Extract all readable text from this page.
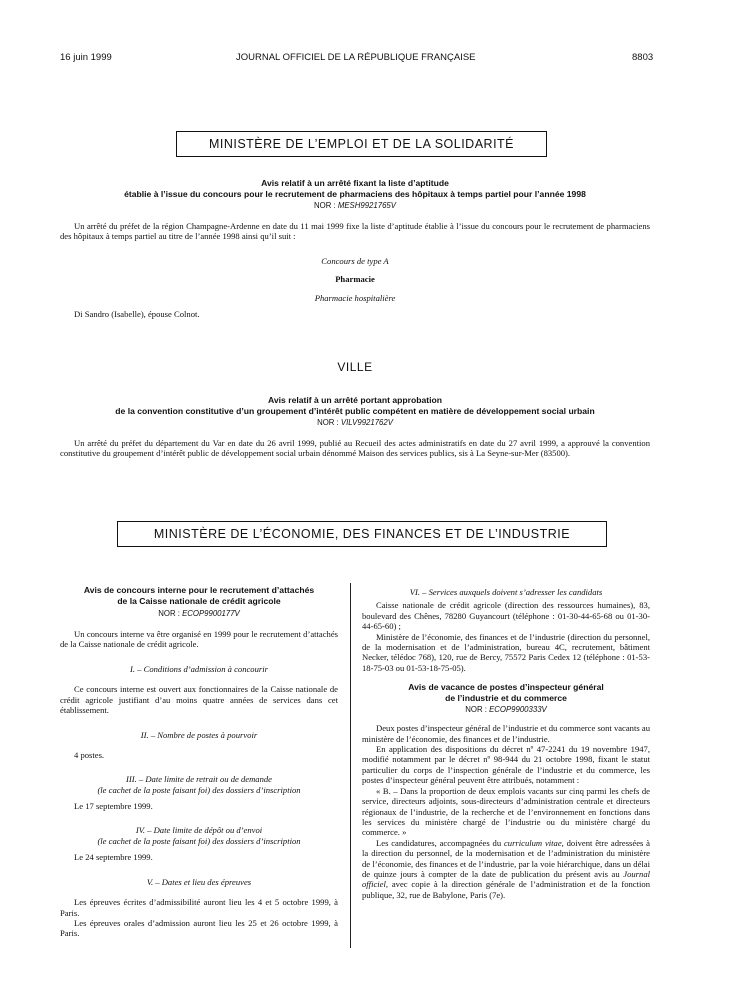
16 juin 1999	JOURNAL OFFICIEL DE LA RÉPUBLIQUE FRANÇAISE	8803
MINISTÈRE DE L’EMPLOI ET DE LA SOLIDARITÉ
Avis relatif à un arrêté fixant la liste d’aptitude
établie à l’issue du concours pour le recrutement de pharmaciens des hôpitaux à temps partiel pour l’année 1998
NOR : MESH9921765V
Un arrêté du préfet de la région Champagne-Ardenne en date du 11 mai 1999 fixe la liste d’aptitude établie à l’issue du concours pour le recrutement de pharmaciens des hôpitaux à temps partiel au titre de l’année 1998 ainsi qu’il suit :
Concours de type A
Pharmacie
Pharmacie hospitalière
Di Sandro (Isabelle), épouse Colnot.
VILLE
Avis relatif à un arrêté portant approbation
de la convention constitutive d’un groupement d’intérêt public compétent en matière de développement social urbain
NOR : VILV9921762V
Un arrêté du préfet du département du Var en date du 26 avril 1999, publié au Recueil des actes administratifs en date du 27 avril 1999, a approuvé la convention constitutive du groupement d’intérêt public de développement social urbain dénommé Maison des services publics, sis à La Seyne-sur-Mer (83500).
MINISTÈRE DE L’ÉCONOMIE, DES FINANCES ET DE L’INDUSTRIE
Avis de concours interne pour le recrutement d’attachés
de la Caisse nationale de crédit agricole
NOR : ECOP9900177V
Un concours interne va être organisé en 1999 pour le recrutement d’attachés de la Caisse nationale de crédit agricole.
I. – Conditions d’admission à concourir
Ce concours interne est ouvert aux fonctionnaires de la Caisse nationale de crédit agricole justifiant d’au moins quatre années de services dans cet établissement.
II. – Nombre de postes à pourvoir
4 postes.
III. – Date limite de retrait ou de demande
(le cachet de la poste faisant foi) des dossiers d’inscription
Le 17 septembre 1999.
IV. – Date limite de dépôt ou d’envoi
(le cachet de la poste faisant foi) des dossiers d’inscription
Le 24 septembre 1999.
V. – Dates et lieu des épreuves
Les épreuves écrites d’admissibilité auront lieu les 4 et 5 octobre 1999, à Paris.
Les épreuves orales d’admission auront lieu les 25 et 26 octobre 1999, à Paris.
VI. – Services auxquels doivent s’adresser les candidats
Caisse nationale de crédit agricole (direction des ressources humaines), 83, boulevard des Chênes, 78280 Guyancourt (téléphone : 01-30-44-65-68 ou 01-30-44-65-60) ;
Ministère de l’économie, des finances et de l’industrie (direction du personnel, de la modernisation et de l’administration, bureau 4C, recrutement, bâtiment Necker, télédoc 768), 120, rue de Bercy, 75572 Paris Cedex 12 (téléphone : 01-53-18-75-03 ou 01-53-18-75-05).
Avis de vacance de postes d’inspecteur général
de l’industrie et du commerce
NOR : ECOP9900333V
Deux postes d’inspecteur général de l’industrie et du commerce sont vacants au ministère de l’économie, des finances et de l’industrie.
En application des dispositions du décret nº 47-2241 du 19 novembre 1947, modifié notamment par le décret nº 98-944 du 21 octobre 1998, fixant le statut particulier du corps de l’inspection générale de l’industrie et du commerce, les postes d’inspecteur général peuvent être attribués, notamment :
« B. – Dans la proportion de deux emplois vacants sur cinq parmi les chefs de service, directeurs adjoints, sous-directeurs d’administration centrale et directeurs régionaux de l’industrie, de la recherche et de l’environnement en fonctions dans les services du ministère chargé de l’industrie ou du ministère chargé du commerce. »
Les candidatures, accompagnées du curriculum vitae, doivent être adressées à la direction du personnel, de la modernisation et de l’administration du ministère de l’économie, des finances et de l’industrie, par la voie hiérarchique, dans un délai de quinze jours à compter de la date de publication du présent avis au Journal officiel, avec copie à la direction générale de l’administration et de la fonction publique, 32, rue de Babylone, Paris (7e).
